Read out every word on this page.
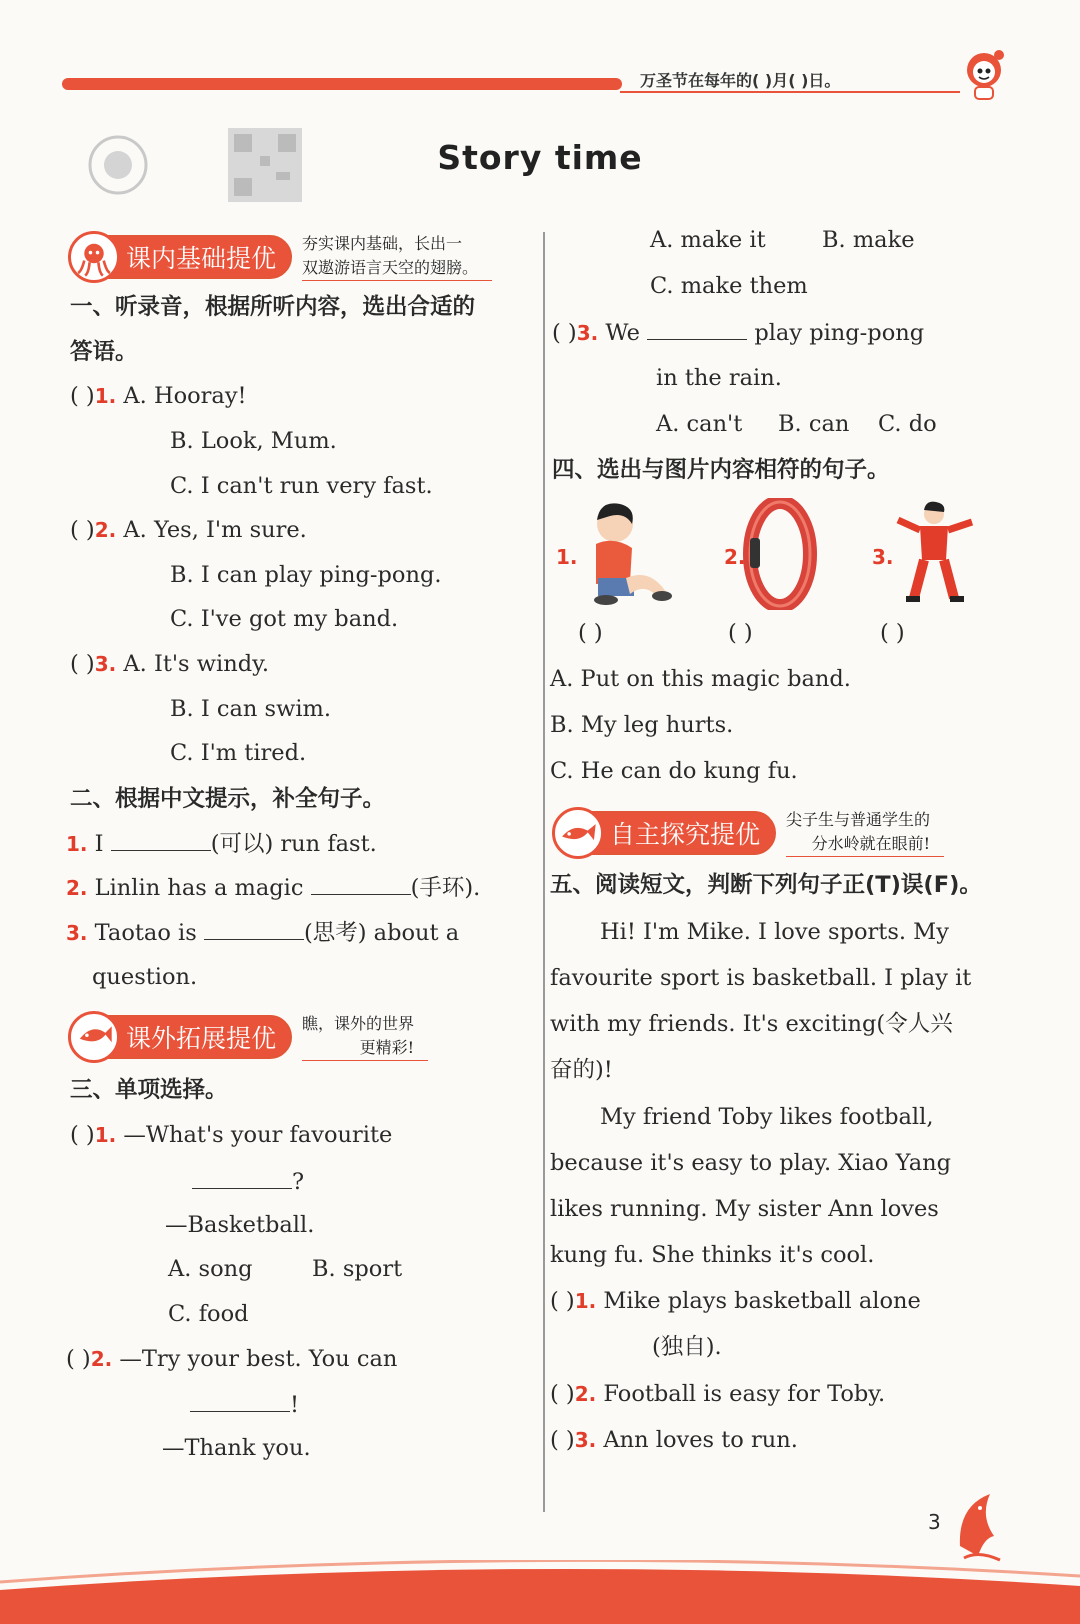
万圣节在每年的( )月( )日。
Story time
课内基础提优 夯实课内基础，长出一
双遨游语言天空的翅膀。
一、听录音，根据所听内容，选出合适的
答语。
( )1. A. Hooray!
B. Look, Mum.
C. I can't run very fast.
( )2. A. Yes, I'm sure.
B. I can play ping-pong.
C. I've got my band.
( )3. A. It's windy.
B. I can swim.
C. I'm tired.
二、根据中文提示，补全句子。
1. I	(可以) run fast.
2. Linlin has a magic	(手环).
3. Taotao is	(思考) about a
question.
课外拓展提优 瞧，课外的世界
更精彩!
三、单项选择。
( )1. —What's your favourite
?
—Basketball.
A. song	B. sport
C. food
( )2. —Try your best. You can
!
—Thank you.
A. make it	B. make
C. make them
( )3. We	play ping-pong
in the rain.
A. can't B. can C. do
四、选出与图片内容相符的句子。
1.
( )
2.
( )
3.
( )
A. Put on this magic band.
B. My leg hurts.
C. He can do kung fu.
自主探究提优 尖子生与普通学生的
分水岭就在眼前!
五、阅读短文，判断下列句子正(T)误(F)。
Hi! I'm Mike. I love sports. My
favourite sport is basketball. I play it
with my friends. It's exciting(令人兴
奋的)!
My friend Toby likes football,
because it's easy to play. Xiao Yang
likes running. My sister Ann loves
kung fu. She thinks it's cool.
( )1. Mike plays basketball alone
(独自).
( )2. Football is easy for Toby.
( )3. Ann loves to run.
3
